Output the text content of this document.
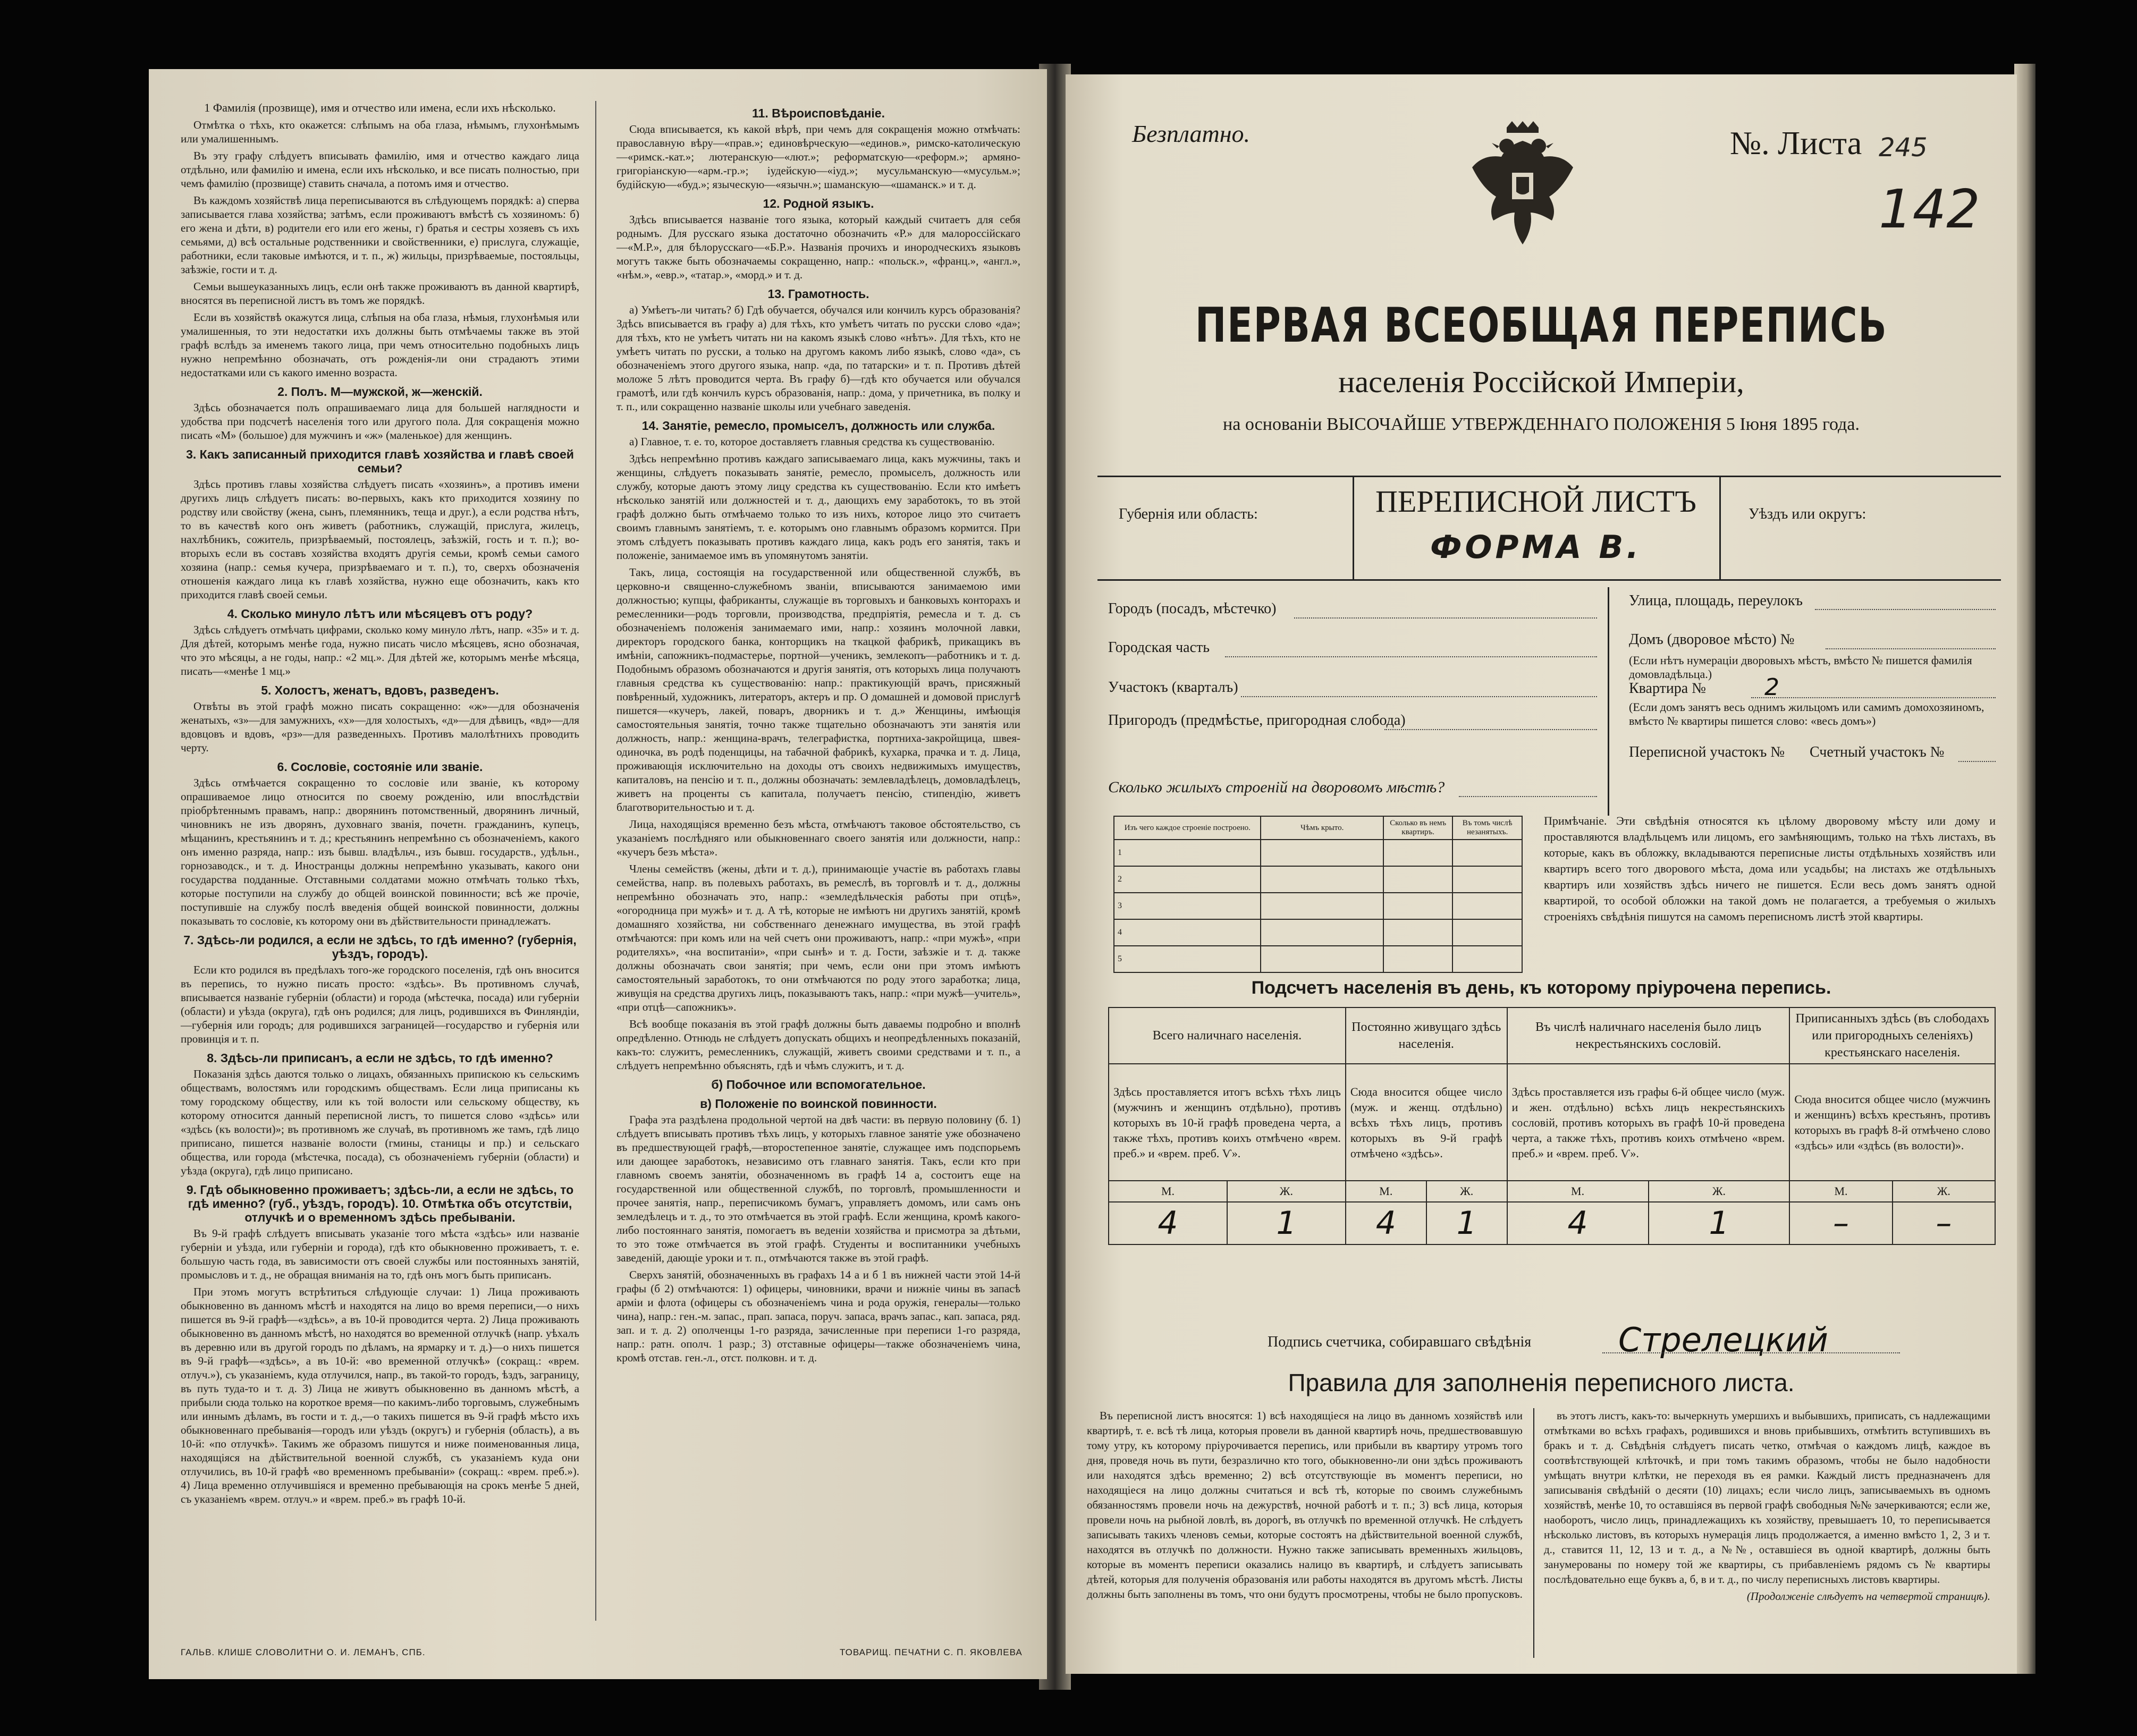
1 Фамилія (прозвище), имя и отчество или имена, если ихъ нѣсколько.

Отмѣтка о тѣхъ, кто окажется: слѣпымъ на оба глаза, нѣмымъ, глухонѣмымъ или умалишеннымъ.

Въ эту графу слѣдуетъ вписывать фамилію, имя и отчество каждаго лица отдѣльно, или фамилію и имена, если ихъ нѣсколько, и все писать полностью, при чемъ фамилію (прозвище) ставить сначала, а потомъ имя и отчество.

Въ каждомъ хозяйствѣ лица переписываются въ слѣдующемъ порядкѣ: а) сперва записывается глава хозяйства; затѣмъ, если проживаютъ вмѣстѣ съ хозяиномъ: б) его жена и дѣти, в) родители его или его жены, г) братья и сестры хозяевъ съ ихъ семьями, д) всѣ остальные родственники и свойственники, е) прислуга, служащіе, работники, если таковые имѣются, и т. п., ж) жильцы, призрѣваемые, постояльцы, заѣзжіе, гости и т. д.

Семьи вышеуказанныхъ лицъ, если онѣ также проживаютъ въ данной квартирѣ, вносятся въ переписной листъ въ томъ же порядкѣ.

Если въ хозяйствѣ окажутся лица, слѣпыя на оба глаза, нѣмыя, глухонѣмыя или умалишенныя, то эти недостатки ихъ должны быть отмѣчаемы также въ этой графѣ вслѣдъ за именемъ такого лица, при чемъ относительно подобныхъ лицъ нужно непремѣнно обозначать, отъ рожденія-ли они страдаютъ этими недостатками или съ какого именно возраста.

2. Полъ. М—мужской, ж—женскій.

Здѣсь обозначается полъ опрашиваемаго лица для большей наглядности и удобства при подсчетѣ населенія того или другого пола. Для сокращенія можно писать «М» (большое) для мужчинъ и «ж» (маленькое) для женщинъ.

3. Какъ записанный приходится главѣ хозяйства и главѣ своей семьи?

Здѣсь противъ главы хозяйства слѣдуетъ писать «хозяинъ», а противъ имени другихъ лицъ слѣдуетъ писать: во-первыхъ, какъ кто приходится хозяину по родству или свойству (жена, сынъ, племянникъ, теща и друг.), а если родства нѣтъ, то въ качествѣ кого онъ живетъ (работникъ, служащій, прислуга, жилецъ, нахлѣбникъ, сожитель, призрѣваемый, постоялецъ, заѣзжій, гость и т. п.); во-вторыхъ если въ составъ хозяйства входятъ другія семьи, кромѣ семьи самого хозяина (напр.: семья кучера, призрѣваемаго и т. п.), то, сверхъ обозначенія отношенія каждаго лица къ главѣ хозяйства, нужно еще обозначить, какъ кто приходится главѣ своей семьи.

4. Сколько минуло лѣтъ или мѣсяцевъ отъ роду?

Здѣсь слѣдуетъ отмѣчать цифрами, сколько кому минуло лѣтъ, напр. «35» и т. д. Для дѣтей, которымъ менѣе года, нужно писать число мѣсяцевъ, ясно обозначая, что это мѣсяцы, а не годы, напр.: «2 мц.». Для дѣтей же, которымъ менѣе мѣсяца, писать—«менѣе 1 мц.»

5. Холостъ, женатъ, вдовъ, разведенъ.

Отвѣты въ этой графѣ можно писать сокращенно: «ж»—для обозначенія женатыхъ, «з»—для замужнихъ, «х»—для холостыхъ, «д»—для дѣвицъ, «вд»—для вдовцовъ и вдовъ, «рз»—для разведенныхъ. Противъ малолѣтнихъ проводить черту.

6. Сословіе, состояніе или званіе.

Здѣсь отмѣчается сокращенно то сословіе или званіе, къ которому опрашиваемое лицо относится по своему рожденію, или впослѣдствіи пріобрѣтеннымъ правамъ, напр.: дворянинъ потомственный, дворянинъ личный, чиновникъ не изъ дворянъ, духовнаго званія, почетн. гражданинъ, купецъ, мѣщанинъ, крестьянинъ и т. д.; крестьянинъ непремѣнно съ обозначеніемъ, какого онъ именно разряда, напр.: изъ бывш. владѣльч., изъ бывш. государств., удѣльн., горнозаводск., и т. д. Иностранцы должны непремѣнно указывать, какого они государства подданные. Отставными солдатами можно отмѣчать только тѣхъ, которые поступили на службу до общей воинской повинности; всѣ же прочіе, поступившіе на службу послѣ введенія общей воинской повинности, должны показывать то сословіе, къ которому они въ дѣйствительности принадлежатъ.

7. Здѣсь-ли родился, а если не здѣсь, то гдѣ именно? (губернія, уѣздъ, городъ).

Если кто родился въ предѣлахъ того-же городского поселенія, гдѣ онъ вносится въ перепись, то нужно писать просто: «здѣсь». Въ противномъ случаѣ, вписывается названіе губерніи (области) и города (мѣстечка, посада) или губерніи (области) и уѣзда (округа), гдѣ онъ родился; для лицъ, родившихся въ Финляндіи,—губернія или городъ; для родившихся заграницей—государство и губернія или провинція и т. п.

8. Здѣсь-ли приписанъ, а если не здѣсь, то гдѣ именно?

Показанія здѣсь даются только о лицахъ, обязанныхъ припискою къ сельскимъ обществамъ, волостямъ или городскимъ обществамъ. Если лица приписаны къ тому городскому обществу, или къ той волости или сельскому обществу, къ которому относится данный переписной листъ, то пишется слово «здѣсь» или «здѣсь (къ волости)»; въ противномъ же случаѣ, въ противномъ же тамъ, гдѣ лицо приписано, пишется названіе волости (гмины, станицы и пр.) и сельскаго общества, или города (мѣстечка, посада), съ обозначеніемъ губерніи (области) и уѣзда (округа), гдѣ лицо приписано.

9. Гдѣ обыкновенно проживаетъ; здѣсь-ли, а если не здѣсь, то гдѣ именно? (губ., уѣздъ, городъ). 10. Отмѣтка объ отсутствіи, отлучкѣ и о временномъ здѣсь пребываніи.

Въ 9-й графѣ слѣдуетъ вписывать указаніе того мѣста «здѣсь» или названіе губерніи и уѣзда, или губерніи и города), гдѣ кто обыкновенно проживаетъ, т. е. большую часть года, въ зависимости отъ своей службы или постоянныхъ занятій, промысловъ и т. д., не обращая вниманія на то, гдѣ онъ могъ быть приписанъ.

При этомъ могутъ встрѣтиться слѣдующіе случаи: 1) Лица проживають обыкновенно въ данномъ мѣстѣ и находятся на лицо во время переписи,—о нихъ пишется въ 9-й графѣ—«здѣсь», а въ 10-й проводится черта. 2) Лица проживають обыкновенно въ данномъ мѣстѣ, но находятся во временной отлучкѣ (напр. уѣхалъ въ деревню или въ другой городъ по дѣламъ, на ярмарку и т. д.)—о нихъ пишется въ 9-й графѣ—«здѣсь», а въ 10-й: «во временной отлучкѣ» (сокращ.: «врем. отлуч.»), съ указаніемъ, куда отлучился, напр., въ такой-то городъ, ѣздъ, заграницу, въ путь туда-то и т. д. 3) Лица не живутъ обыкновенно въ данномъ мѣстѣ, а прибыли сюда только на короткое время—по какимъ-либо торговымъ, служебнымъ или иннымъ дѣламъ, въ гости и т. д.,—о такихъ пишется въ 9-й графѣ мѣсто ихъ обыкновеннаго пребыванія—городъ или уѣздъ (округъ) и губернія (область), а въ 10-й: «по отлучкѣ». Такимъ же образомъ пишутся и ниже поименованныя лица, находящіяся на дѣйствительной военной службѣ, съ указаніемъ куда они отлучились, въ 10-й графѣ «во временномъ пребываніи» (сокращ.: «врем. преб.»). 4) Лица временно отлучившіяся и временно пребывающія на срокъ менѣе 5 дней, съ указаніемъ «врем. отлуч.» и «врем. преб.» въ графѣ 10-й.

11. Вѣроисповѣданіе.

Сюда вписывается, къ какой вѣрѣ, при чемъ для сокращенія можно отмѣчать: православную вѣру—«прав.»; единовѣрческую—«единов.», римско-католическую—«римск.-кат.»; лютеранскую—«лют.»; реформатскую—«реформ.»; армяно-григоріанскую—«арм.-гр.»; іудейскую—«іуд.»; мусульманскую—«мусульм.»; будійскую—«буд.»; языческую—«язычн.»; шаманскую—«шаманск.» и т. д.

12. Родной языкъ.

Здѣсь вписывается названіе того языка, который каждый считаетъ для себя роднымъ. Для русскаго языка достаточно обозначить «Р.» для малороссійскаго—«М.Р.», для бѣлорусскаго—«Б.Р.». Названія прочихъ и инородческихъ языковъ могутъ также быть обозначаемы сокращенно, напр.: «польск.», «франц.», «англ.», «нѣм.», «евр.», «татар.», «морд.» и т. д.

13. Грамотность.

а) Умѣетъ-ли читать? б) Гдѣ обучается, обучался или кончилъ курсъ образованія? Здѣсь вписывается въ графу а) для тѣхъ, кто умѣетъ читать по русски слово «да»; для тѣхъ, кто не умѣетъ читать ни на какомъ языкѣ слово «нѣтъ». Для тѣхъ, кто не умѣетъ читать по русски, а только на другомъ какомъ либо языкѣ, слово «да», съ обозначеніемъ этого другого языка, напр. «да, по татарски» и т. п. Противъ дѣтей моложе 5 лѣтъ проводится черта. Въ графу б)—гдѣ кто обучается или обучался грамотѣ, или гдѣ кончилъ курсъ образованія, напр.: дома, у причетника, въ полку и т. п., или сокращенно названіе школы или учебнаго заведенія.

14. Занятіе, ремесло, промыселъ, должность или служба.

а) Главное, т. е. то, которое доставляетъ главныя средства къ существованію.

Здѣсь непремѣнно противъ каждаго записываемаго лица, какъ мужчины, такъ и женщины, слѣдуетъ показывать занятіе, ремесло, промыселъ, должность или службу, которые даютъ этому лицу средства къ существованію. Если кто имѣетъ нѣсколько занятій или должностей и т. д., дающихъ ему заработокъ, то въ этой графѣ должно быть отмѣчаемо только то изъ нихъ, которое лицо это считаетъ своимъ главнымъ занятіемъ, т. е. которымъ оно главнымъ образомъ кормится. При этомъ слѣдуетъ показывать противъ каждаго лица, какъ родъ его занятія, такъ и положеніе, занимаемое имъ въ упомянутомъ занятіи.

Такъ, лица, состоящія на государственной или общественной службѣ, въ церковно-и священно-служебномъ званіи, вписываются занимаемою ими должностью; купцы, фабриканты, служащіе въ торговыхъ и банковыхъ конторахъ и ремесленники—родъ торговли, производства, предпріятія, ремесла и т. д. съ обозначеніемъ положенія занимаемаго ими, напр.: хозяинъ молочной лавки, директоръ городского банка, конторщикъ на ткацкой фабрикѣ, прикащикъ въ имѣніи, сапожникъ-подмастерье, портной—ученикъ, землекопъ—работникъ и т. д. Подобнымъ образомъ обозначаются и другія занятія, отъ которыхъ лица получаютъ главныя средства къ существованію: напр.: практикующій врачъ, присяжный повѣренный, художникъ, литераторъ, актеръ и пр. О домашней и домовой прислугѣ пишется—«кучеръ, лакей, поваръ, дворникъ и т. д.» Женщины, имѣющія самостоятельныя занятія, точно также тщательно обозначаютъ эти занятія или должность, напр.: женщина-врачъ, телеграфистка, портниха-закройщица, швея-одиночка, въ родѣ поденщицы, на табачной фабрикѣ, кухарка, прачка и т. д. Лица, проживающія исключительно на доходы отъ своихъ недвижимыхъ имуществъ, капиталовъ, на пенсію и т. п., должны обозначать: землевладѣлецъ, домовладѣлецъ, живетъ на проценты съ капитала, получаетъ пенсію, стипендію, живетъ благотворительностью и т. д.

Лица, находящіяся временно безъ мѣста, отмѣчаютъ таковое обстоятельство, съ указаніемъ послѣдняго или обыкновеннаго своего занятія или должности, напр.: «кучеръ безъ мѣста».

Члены семействъ (жены, дѣти и т. д.), принимающіе участіе въ работахъ главы семейства, напр. въ полевыхъ работахъ, въ ремеслѣ, въ торговлѣ и т. д., должны непремѣнно обозначать это, напр.: «земледѣльческія работы при отцѣ», «огородница при мужѣ» и т. д. А тѣ, которые не имѣютъ ни другихъ занятій, кромѣ домашняго хозяйства, ни собственнаго денежнаго имущества, въ этой графѣ отмѣчаются: при комъ или на чей счетъ они проживаютъ, напр.: «при мужѣ», «при родителяхъ», «на воспитаніи», «при сынѣ» и т. д. Гости, заѣзжіе и т. д. также должны обозначать свои занятія; при чемъ, если они при этомъ имѣютъ самостоятельный заработокъ, то они отмѣчаются по роду этого заработка; лица, живущія на средства другихъ лицъ, показываютъ такъ, напр.: «при мужѣ—учитель», «при отцѣ—сапожникъ».

Всѣ вообще показанія въ этой графѣ должны быть даваемы подробно и вполнѣ опредѣленно. Отнюдь не слѣдуетъ допускать общихъ и неопредѣленныхъ показаній, какъ-то: служитъ, ремесленникъ, служащій, живетъ своими средствами и т. п., а слѣдуетъ непремѣнно объяснять, гдѣ и чѣмъ служитъ, и т. д.

б) Побочное или вспомогательное.
в) Положеніе по воинской повинности.

Графа эта раздѣлена продольной чертой на двѣ части: въ первую половину (б. 1) слѣдуетъ вписывать противъ тѣхъ лицъ, у которыхъ главное занятіе уже обозначено въ предшествующей графѣ,—второстепенное занятіе, служащее имъ подспорьемъ или дающее заработокъ, независимо отъ главнаго занятія. Такъ, если кто при главномъ своемъ занятіи, обозначенномъ въ графѣ 14 а, состоитъ еще на государственной или общественной службѣ, по торговлѣ, промышленности и прочее занятія, напр., переписчикомъ бумагъ, управляетъ домомъ, или самъ онъ земледѣлецъ и т. д., то это отмѣчается въ этой графѣ. Если женщина, кромѣ какого-либо постояннаго занятія, помогаетъ въ веденіи хозяйства и присмотра за дѣтьми, то это тоже отмѣчается въ этой графѣ. Студенты и воспитанники учебныхъ заведеній, дающіе уроки и т. п., отмѣчаются также въ этой графѣ.

Сверхъ занятій, обозначенныхъ въ графахъ 14 а и б 1 въ нижней части этой 14-й графы (б 2) отмѣчаются: 1) офицеры, чиновники, врачи и нижніе чины въ запасѣ арміи и флота (офицеры съ обозначеніемъ чина и рода оружія, генералы—только чина), напр.: ген.-м. запас., прап. запаса, поруч. запаса, врачъ запас., кап. запаса, ряд. зап. и т. д. 2) ополченцы 1-го разряда, зачисленные при переписи 1-го разряда, напр.: ратн. ополч. 1 разр.; 3) отставные офицеры—также обозначеніемъ чина, кромѣ отстав. ген.-л., отст. полковн. и т. д.

ГАЛЬВ. КЛИШЕ СЛОВОЛИТНИ О. И. ЛЕМАНЪ, СПБ.	ТОВАРИЩ. ПЕЧАТНИ С. П. ЯКОВЛЕВА
Безплатно.	№. Листа 245
142
ПЕРВАЯ ВСЕОБЩАЯ ПЕРЕПИСЬ
населенія Россійской Имперіи,
на основаніи ВЫСОЧАЙШЕ УТВЕРЖДЕННАГО ПОЛОЖЕНІЯ 5 Іюня 1895 года.
Губернія или область:	ПЕРЕПИСНОЙ ЛИСТЪ
ФОРМА В.
Уѣздъ или округъ:
Городъ (посадъ, мѣстечко)	Улица, площадь, переулокъ
Городская часть	Домъ (дворовое мѣсто) №
(Если нѣтъ нумераціи дворовыхъ мѣстъ, вмѣсто № пишется фамилія домовладѣльца.)
Участокъ (кварталъ)
Пригородъ (предмѣстье, пригородная слобода)
Квартира №	2
(Если домъ занятъ весь однимъ жильцомъ или самимъ домохозяиномъ, вмѣсто № квартиры пишется слово: «весь домъ»)
Переписной участокъ № Счетный участокъ №
Сколько жилыхъ строеній на дворовомъ мѣстѣ?
Изъ чего каждое строеніе построено.	Чѣмъ крыто.	Сколько въ немъ квартиръ.	Въ томъ числѣ незанятыхъ.
1			
2			
3			
4			
5			
Примѣчаніе. Эти свѣдѣнія относятся къ цѣлому дворовому мѣсту или дому и проставляются владѣльцемъ или лицомъ, его замѣняющимъ, только на тѣхъ листахъ, въ которые, какъ въ обложку, вкладываются переписные листы отдѣльныхъ хозяйствъ или квартиръ всего того дворового мѣста, дома или усадьбы; на листахъ же отдѣльныхъ квартиръ или хозяйствъ здѣсь ничего не пишется. Если весь домъ занятъ одной квартирой, то особой обложки на такой домъ не полагается, а требуемыя о жилыхъ строеніяхъ свѣдѣнія пишутся на самомъ переписномъ листѣ этой квартиры.
Подсчетъ населенія въ день, къ которому пріурочена перепись.
Всего наличнаго населенія.		Постоянно живущаго здѣсь населенія.		Въ числѣ наличнаго населенія было лицъ некрестьянскихъ сословій.		Приписанныхъ здѣсь (въ слободахъ или пригородныхъ селеніяхъ) крестьянскаго населенія.	
Здѣсь проставляется итогъ всѣхъ тѣхъ лицъ (мужчинъ и женщинъ отдѣльно), противъ которыхъ въ 10-й графѣ проведена черта, а также тѣхъ, противъ коихъ отмѣчено «врем. преб.» и «врем. преб. Ѵ».		Сюда вносится общее число (муж. и женщ. отдѣльно) всѣхъ тѣхъ лицъ, противъ которыхъ въ 9-й графѣ отмѣчено «здѣсь».		Здѣсь проставляется изъ графы 6-й общее число (муж. и жен. отдѣльно) всѣхъ лицъ некрестьянскихъ сословій, противъ которыхъ въ графѣ 10-й проведена черта, а также тѣхъ, противъ коихъ отмѣчено «врем. преб.» и «врем. преб. Ѵ».		Сюда вносится общее число (мужчинъ и женщинъ) всѣхъ крестьянъ, противъ которыхъ въ графѣ 8-й отмѣчено слово «здѣсь» или «здѣсь (въ волости)».	
М.	Ж.	М.	Ж.	М.	Ж.	М.	Ж.
4	1	4	1	4	1	–	–
Подпись счетчика, собиравшаго свѣдѣнія	Стрелецкий
Правила для заполненія переписного листа.

Въ переписной листъ вносятся: 1) всѣ находящіеся на лицо въ данномъ хозяйствѣ или квартирѣ, т. е. всѣ тѣ лица, которыя провели въ данной квартирѣ ночь, предшествовавшую тому утру, къ которому пріурочивается перепись, или прибыли въ квартиру утромъ того дня, проведя ночь въ пути, безразлично кто того, обыкновенно-ли они здѣсь проживаютъ или находятся здѣсь временно; 2) всѣ отсутствующіе въ моментъ переписи, но находящіеся на лицо должны считаться и всѣ тѣ, которые по своимъ служебнымъ обязанностямъ провели ночь на дежурствѣ, ночной работѣ и т. п.; 3) всѣ лица, которыя провели ночь на рыбной ловлѣ, въ дорогѣ, въ отлучкѣ по временной отлучкѣ. Не слѣдуетъ записывать такихъ членовъ семьи, которые состоятъ на дѣйствительной военной службѣ, находятся въ отлучкѣ по должности. Нужно также записывать временныхъ жильцовъ, которые въ моментъ переписи оказались налицо въ квартирѣ, и слѣдуетъ записывать дѣтей, которыя для полученія образованія или работы находятся въ другомъ мѣстѣ. Листы должны быть заполнены въ томъ, что они будутъ просмотрены, чтобы не было пропусковъ.

въ этотъ листъ, какъ-то: вычеркнуть умершихъ и выбывшихъ, приписать, съ надлежащими отмѣтками во всѣхъ графахъ, родившихся и вновь прибывшихъ, отмѣтить вступившихъ въ бракъ и т. д. Свѣдѣнія слѣдуетъ писать четко, отмѣчая о каждомъ лицѣ, каждое въ соотвѣтствующей клѣточкѣ, и при томъ такимъ образомъ, чтобы не было надобности умѣщать внутри клѣтки, не переходя въ ея рамки. Каждый листъ предназначенъ для записыванія свѣдѣній о десяти (10) лицахъ; если число лицъ, записываемыхъ въ одномъ хозяйствѣ, менѣе 10, то оставшіяся въ первой графѣ свободныя №№ зачеркиваются; если же, наоборотъ, число лицъ, принадлежащихъ къ хозяйству, превышаетъ 10, то переписывается нѣсколько листовъ, въ которыхъ нумерація лицъ продолжается, а именно вмѣсто 1, 2, 3 и т. д., ставится 11, 12, 13 и т. д., а №№, оставшіеся въ одной квартирѣ, должны быть занумерованы по номеру той же квартиры, съ прибавленіемъ рядомъ съ № квартиры послѣдовательно еще буквъ а, б, в и т. д., по числу переписныхъ листовъ квартиры.

(Продолженіе слѣдуетъ на четвертой страницѣ).
